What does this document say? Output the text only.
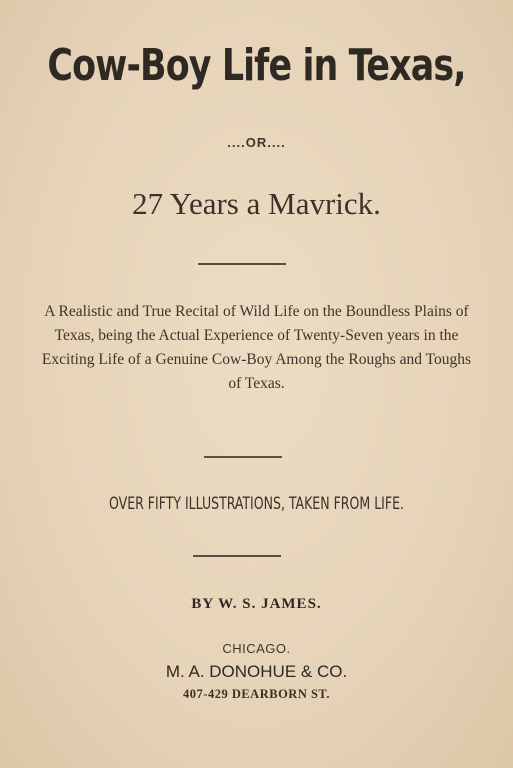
Cow-Boy Life in Texas,
....OR....
27 Years a Mavrick.
A Realistic and True Recital of Wild Life on the Boundless Plains of Texas, being the Actual Experience of Twenty-Seven years in the Exciting Life of a Genuine Cow-Boy Among the Roughs and Toughs of Texas.
OVER FIFTY ILLUSTRATIONS, TAKEN FROM LIFE.
BY W. S. JAMES.
CHICAGO.
M. A. DONOHUE & CO.
407-429 DEARBORN ST.
